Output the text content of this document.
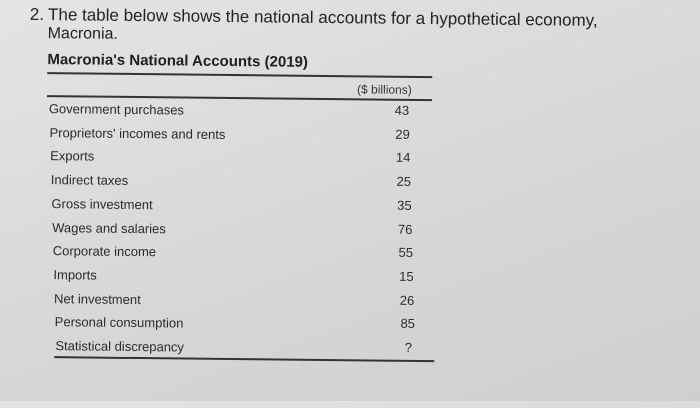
2. The table below shows the national accounts for a hypothetical economy,
Macronia.
Macronia's National Accounts (2019)
($ billions)
Government purchases	43
Proprietors' incomes and rents	29
Exports	14
Indirect taxes	25
Gross investment	35
Wages and salaries	76
Corporate income	55
Imports	15
Net investment	26
Personal consumption	85
Statistical discrepancy	?
